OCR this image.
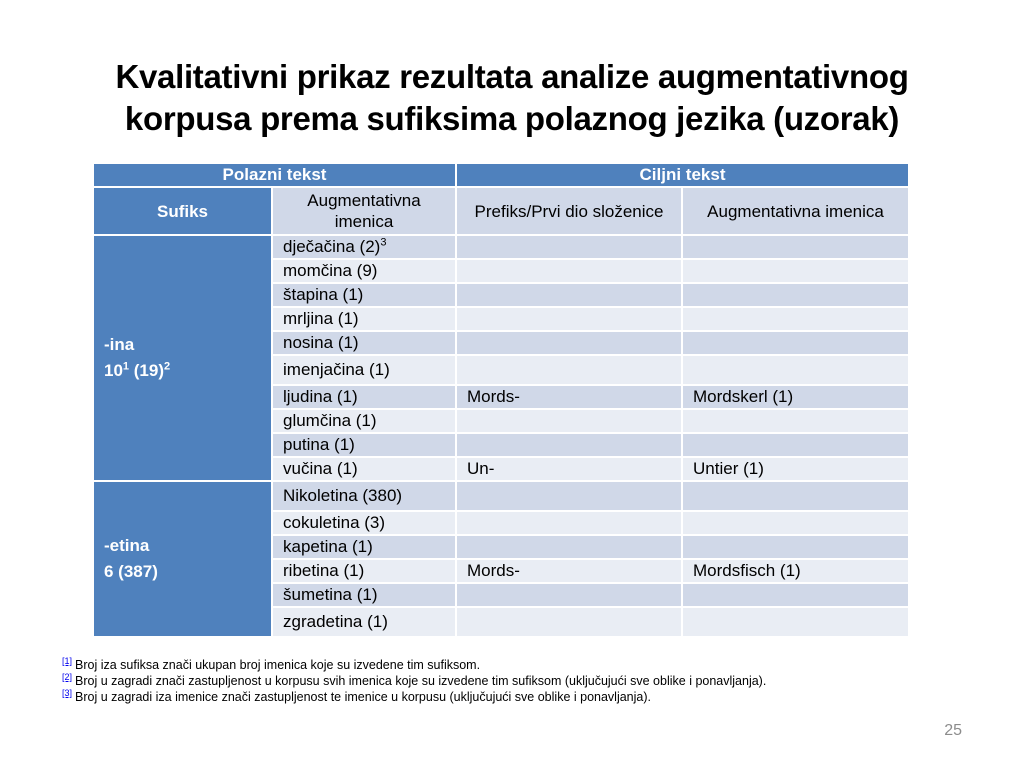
Kvalitativni prikaz rezultata analize augmentativnog
korpusa prema sufiksima polaznog jezika (uzorak)
Polazni tekst		Ciljni tekst	
Sufiks	Augmentativna imenica	Prefiks/Prvi dio složenice	Augmentativna imenica

-ina
$10^1$ $(19)^2$	dječačina $(2)^3$		
	momčina (9)		
	štapina (1)		
	mrljina (1)		
	nosina (1)		
	imenjačina (1)		
	ljudina (1)	Mords-	Mordskerl (1)
	glumčina (1)		
	putina (1)		
	vučina (1)	Un-	Untier (1)

-etina
6 (387)	Nikoletina (380)		
	cokuletina (3)		
	kapetina (1)		
	ribetina (1)	Mords-	Mordsfisch (1)
	šumetina (1)		
	zgradetina (1)		
[1] Broj iza sufiksa znači ukupan broj imenica koje su izvedene tim sufiksom.
[2] Broj u zagradi znači zastupljenost u korpusu svih imenica koje su izvedene tim sufiksom (uključujući sve oblike i ponavljanja).
[3] Broj u zagradi iza imenice znači zastupljenost te imenice u korpusu (uključujući sve oblike i ponavljanja).
25
